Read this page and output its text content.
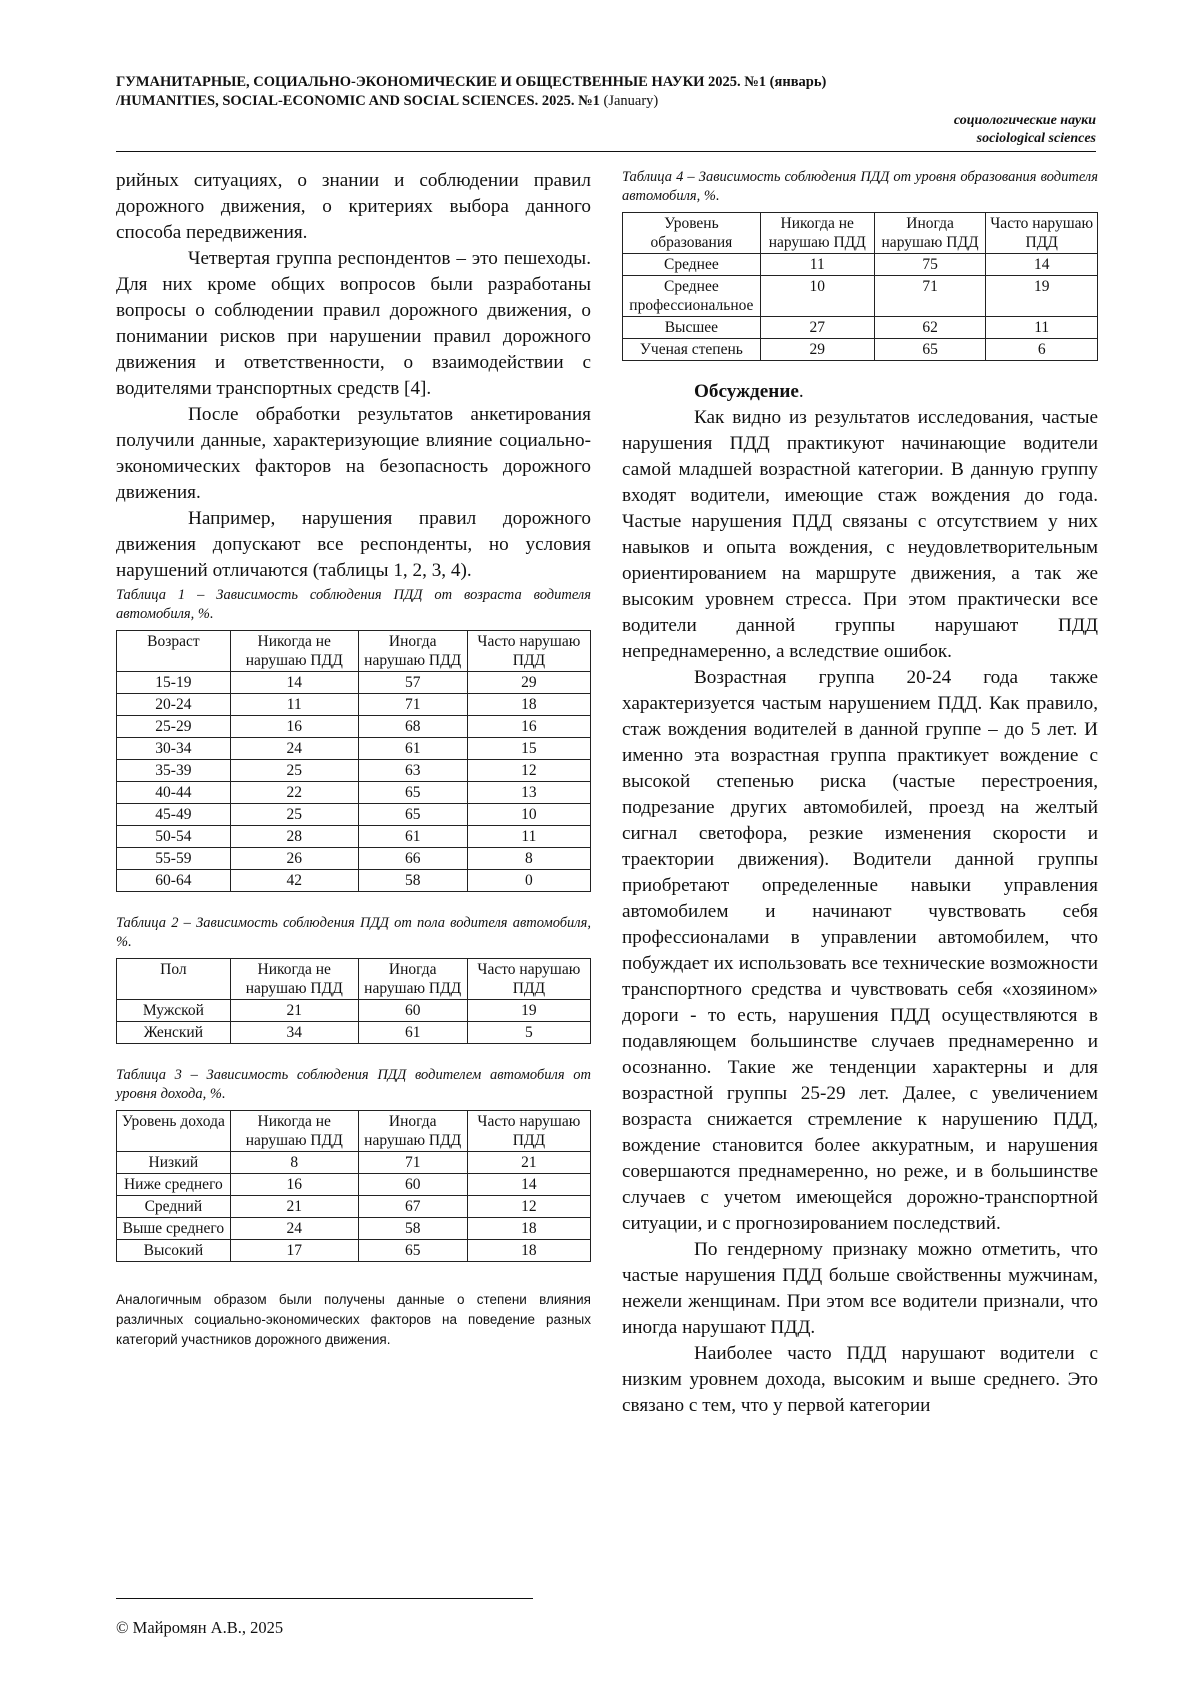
ГУМАНИТАРНЫЕ, СОЦИАЛЬНО-ЭКОНОМИЧЕСКИЕ И ОБЩЕСТВЕННЫЕ НАУКИ 2025. №1 (январь)
/HUMANITIES, SOCIAL-ECONOMIC AND SOCIAL SCIENCES. 2025. №1 (January)
социологические науки
sociological sciences

рийных ситуациях, о знании и соблюдении правил дорожного движения, о критериях выбора данного способа передвижения.

Четвертая группа респондентов – это пешеходы. Для них кроме общих вопросов были разработаны вопросы о соблюдении правил дорожного движения, о понимании рисков при нарушении правил дорожного движения и ответственности, о взаимодействии с водителями транспортных средств [4].

После обработки результатов анкетирования получили данные, характеризующие влияние социально-экономических факторов на безопасность дорожного движения.

Например, нарушения правил дорожного движения допускают все респонденты, но условия нарушений отличаются (таблицы 1, 2, 3, 4).

Таблица 1 – Зависимость соблюдения ПДД от возраста водителя автомобиля, %.

Возраст	Никогда не нарушаю ПДД	Иногда нарушаю ПДД	Часто нарушаю ПДД
15-19	14	57	29
20-24	11	71	18
25-29	16	68	16
30-34	24	61	15
35-39	25	63	12
40-44	22	65	13
45-49	25	65	10
50-54	28	61	11
55-59	26	66	8
60-64	42	58	0

Таблица 2 – Зависимость соблюдения ПДД от пола водителя автомобиля, %.

Пол	Никогда не нарушаю ПДД	Иногда нарушаю ПДД	Часто нарушаю ПДД
Мужской	21	60	19
Женский	34	61	5

Таблица 3 – Зависимость соблюдения ПДД водителем автомобиля от уровня дохода, %.

Уровень дохода	Никогда не нарушаю ПДД	Иногда нарушаю ПДД	Часто нарушаю ПДД
Низкий	8	71	21
Ниже среднего	16	60	14
Средний	21	67	12
Выше среднего	24	58	18
Высокий	17	65	18

Аналогичным образом были получены данные о степени влияния различных социально-экономических факторов на поведение разных категорий участников дорожного движения.

Таблица 4 – Зависимость соблюдения ПДД от уровня образования водителя автомобиля, %.

Уровень образования	Никогда не нарушаю ПДД	Иногда нарушаю ПДД	Часто нарушаю ПДД
Среднее	11	75	14
Среднее профессиональное	10	71	19
Высшее	27	62	11
Ученая степень	29	65	6

Обсуждение.

Как видно из результатов исследования, частые нарушения ПДД практикуют начинающие водители самой младшей возрастной категории. В данную группу входят водители, имеющие стаж вождения до года. Частые нарушения ПДД связаны с отсутствием у них навыков и опыта вождения, с неудовлетворительным ориентированием на маршруте движения, а так же высоким уровнем стресса. При этом практически все водители данной группы нарушают ПДД непреднамеренно, а вследствие ошибок.

Возрастная группа 20-24 года также характеризуется частым нарушением ПДД. Как правило, стаж вождения водителей в данной группе – до 5 лет. И именно эта возрастная группа практикует вождение с высокой степенью риска (частые перестроения, подрезание других автомобилей, проезд на желтый сигнал светофора, резкие изменения скорости и траектории движения). Водители данной группы приобретают определенные навыки управления автомобилем и начинают чувствовать себя профессионалами в управлении автомобилем, что побуждает их использовать все технические возможности транспортного средства и чувствовать себя «хозяином» дороги - то есть, нарушения ПДД осуществляются в подавляющем большинстве случаев преднамеренно и осознанно. Такие же тенденции характерны и для возрастной группы 25-29 лет. Далее, с увеличением возраста снижается стремление к нарушению ПДД, вождение становится более аккуратным, и нарушения совершаются преднамеренно, но реже, и в большинстве случаев с учетом имеющейся дорожно-транспортной ситуации, и с прогнозированием последствий.

По гендерному признаку можно отметить, что частые нарушения ПДД больше свойственны мужчинам, нежели женщинам. При этом все водители признали, что иногда нарушают ПДД.

Наиболее часто ПДД нарушают водители с низким уровнем дохода, высоким и выше среднего. Это связано с тем, что у первой категории

© Майромян А.В., 2025
